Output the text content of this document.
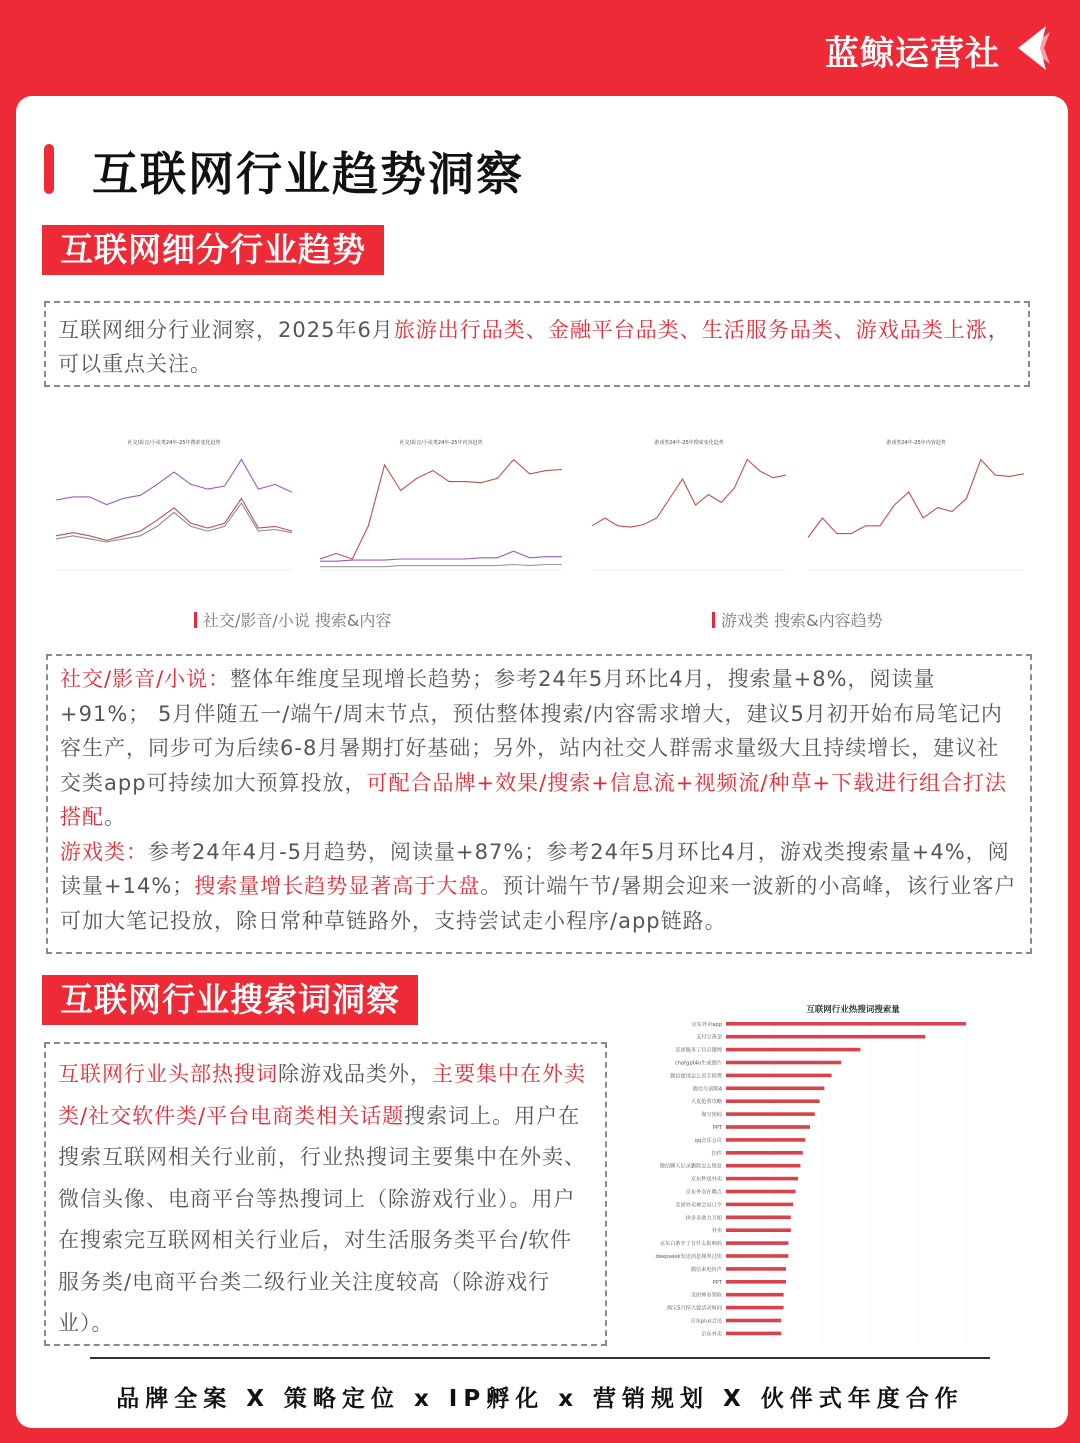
蓝鲸运营社
互联网行业趋势洞察
互联网细分行业趋势
互联网细分行业洞察，2025年6月旅游出行品类、金融平台品类、生活服务品类、游戏品类上涨，可以重点关注。
社交/影音/小说类24年-25年搜索变化趋势	社交/影音/小说类24年-25年内容趋势	游戏类24年-25年搜索变化趋势	游戏类24年-25年内容趋势
社交/影音/小说 搜索&内容	游戏类 搜索&内容趋势
社交/影音/小说：整体年维度呈现增长趋势；参考24年5月环比4月，搜索量+8%，阅读量+91%； 5月伴随五一/端午/周末节点，预估整体搜索/内容需求增大，建议5月初开始布局笔记内容生产，同步可为后续6-8月暑期打好基础；另外，站内社交人群需求量级大且持续增长，建议社交类app可持续加大预算投放，可配合品牌+效果/搜索+信息流+视频流/种草+下载进行组合打法搭配。
游戏类：参考24年4月-5月趋势，阅读量+87%；参考24年5月环比4月，游戏类搜索量+4%，阅读量+14%；搜索量增长趋势显著高于大盘。预计端午节/暑期会迎来一波新的小高峰，该行业客户可加大笔记投放，除日常种草链路外，支持尝试走小程序/app链路。
互联网行业搜索词洞察
互联网行业头部热搜词除游戏品类外，主要集中在外卖类/社交软件类/平台电商类相关话题搜索词上。用户在搜索互联网相关行业前，行业热搜词主要集中在外卖、微信头像、电商平台等热搜词上（除游戏行业）。用户在搜索完互联网相关行业后，对生活服务类平台/软件服务类/电商平台类二级行业关注度较高（除游戏行业）。
互联网行业热搜词搜索量
京东外卖app
支付宝黄金
美团服务了官宣微博
chatgpt4o生成图片
微信提现怎么省手续费
微信号到期4
大麦抢票攻略
淘宝密码
PPT
qq音乐会员
挂件
微信聊天记录删除怎么恢复
京东秒送外卖
京东外卖在哪点
美团外卖神会员口令
拼多多助力互相
外卖
京东白条开了有什么影响吗
deepseek发送消息频率过快
微信来电铃声
PPT
美团神券领取
淘宝5月惊大促活动时间
京东plus会员
京东外卖
品牌全案 X 策略定位 x IP孵化 x 营销规划 X 伙伴式年度合作
